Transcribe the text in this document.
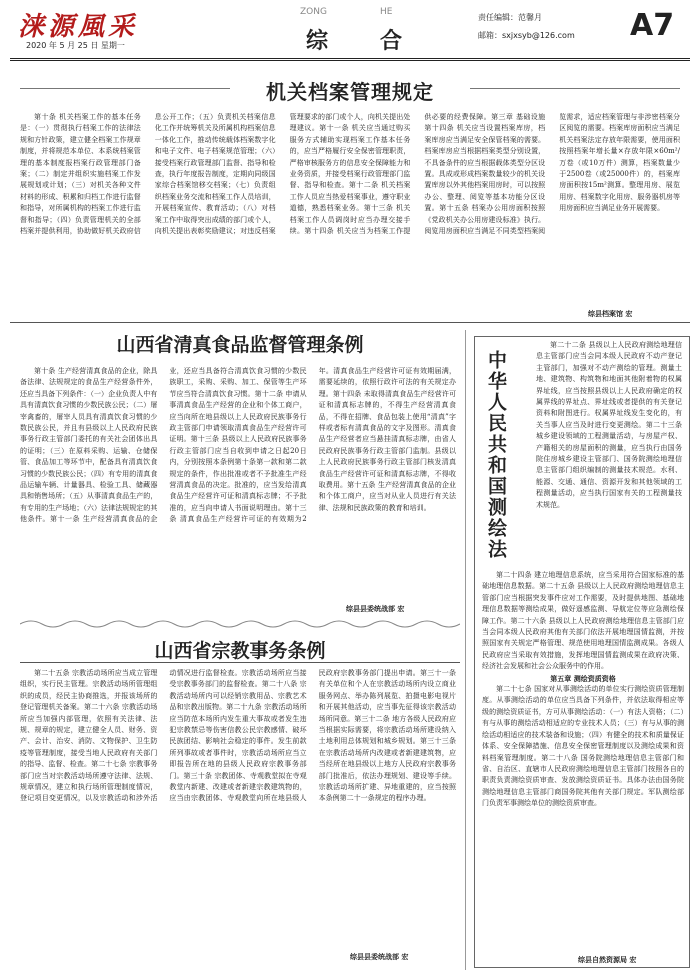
涞源風采
2020 年 5 月 25 日 星期一
ZONG	HE
综 合
责任编辑：范馨月
邮箱：sxjxsyb@126.com A7
机关档案管理规定

第十条 机关档案工作的基本任务是：（一）贯彻执行档案工作的法律法规和方针政策，建立健全档案工作规章制度，并将规范本单位、本系统档案管理的基本制度报档案行政管理部门备案；（二）制定并组织实施档案工作发展规划或计划；（三）对机关各种文件材料的形成、积累和归档工作进行监督和指导，对所属机构的档案工作进行监督和指导；（四）负责管理机关的全部档案并提供利用，协助做好机关政府信息公开工作；（五）负责机关档案信息化工作并统筹机关及所属机构档案信息一体化工作，推动传统载体档案数字化和电子文件、电子档案规范管理；（六）接受档案行政管理部门监督、指导和检查，执行年度报告制度，定期向同级国家综合档案馆移交档案；（七）负责组织档案业务交流和档案工作人员培训，开展档案宣传、教育活动；（八）对档案工作中取得突出成绩的部门或个人，向机关提出表彰奖励建议；对违反档案管理要求的部门或个人，向机关提出处理建议。第十一条 机关应当通过购买服务方式辅助实现档案工作基本任务的，应当严格履行安全保密管理职责，严格审核服务方的信息安全保障能力和业务资质，并接受档案行政管理部门监督、指导和检查。第十二条 机关档案工作人员应当热爱档案事业，遵守职业道德，熟悉档案业务。第十三条 机关档案工作人员调岗时应当办理交接手续。第十四条 机关应当为档案工作提供必要的经费保障。第三章 基础设施 第十四条 机关应当设置档案库房，档案库房应当满足安全保管档案的需要。档案库房应当根据档案类型分别设置，不具备条件的应当根据载体类型分区设置。具成或形成档案数量较少的机关设置库房以外其他档案用房时，可以按照办公、整理、阅览等基本功能分区设置。第十五条 档案办公用房面积按照《党政机关办公用房建设标准》执行。阅览用房面积应当满足不同类型档案阅览需求，适应档案管理与非涉密档案分区阅览的需要。档案库房面积应当满足机关档案法定存放年限需要，使用面积按照档案年增长量×存放年限×60m²/万卷（或10万件）测算，档案数量少于2500卷（或25000件）的，档案库房面积按15m²测算。整理用房、展览用房、档案数字化用房、服务器机房等用房面积应当满足业务开展需要。

综县档案馆 宏
山西省清真食品监督管理条例

第十条 生产经营清真食品的企业，除具备法律、法规规定的食品生产经营条件外，还应当具备下列条件：（一）企业负责人中有具有清真饮食习惯的少数民族公民；（二）屠宰禽畜的，屠宰人员具有清真饮食习惯的少数民族公民，并且有县级以上人民政府民族事务行政主管部门委托的有关社会团体出具的证明；（三）在原料采购、运输、仓储保管、食品加工等环节中，配备具有清真饮食习惯的少数民族公民；（四）有专用的清真食品运输车辆、计量器具、检验工具、储藏器具和销售场所；（五）从事清真食品生产的，有专用的生产场地；（六）法律法规规定的其他条件。第十一条 生产经营清真食品的企业，还应当具备符合清真饮食习惯的少数民族职工，采购、采购、加工、保管等生产环节应当符合清真饮食习惯。第十二条 申请从事清真食品生产经营的企业和个体工商户，应当向所在地县级以上人民政府民族事务行政主管部门申请领取清真食品生产经营许可证明。第十三条 县级以上人民政府民族事务行政主管部门应当自收到申请之日起20日内，分别按照本条例第十条第一款和第二款规定的条件，作出批准或者不予批准生产经营清真食品的决定。批准的，应当发给清真食品生产经营许可证和清真标志牌；不予批准的，应当向申请人书面说明理由。第十三条 清真食品生产经营许可证的有效期为2年。清真食品生产经营许可证有效期届满，需要延续的，依照行政许可法的有关规定办理。第十四条 未取得清真食品生产经营许可证和清真标志牌的，不得生产经营清真食品，不得在招牌、食品包装上使用“清真”字样或者标有清真食品的文字及图形。清真食品生产经营者应当悬挂清真标志牌，由省人民政府民族事务行政主管部门监制。县级以上人民政府民族事务行政主管部门核发清真食品生产经营许可证和清真标志牌，不得收取费用。第十五条 生产经营清真食品的企业和个体工商户，应当对从业人员进行有关法律、法规和民族政策的教育和培训。

综县县委统战部 宏
山西省宗教事务条例

第二十五条 宗教活动场所应当成立管理组织，实行民主管理。宗教活动场所管理组织的成员，经民主协商推选，并报该场所的登记管理机关备案。第二十六条 宗教活动场所应当加强内部管理，依照有关法律、法规、规章的规定，建立健全人员、财务、资产、会计、治安、消防、文物保护、卫生防疫等管理制度，接受当地人民政府有关部门的指导、监督、检查。第二十七条 宗教事务部门应当对宗教活动场所遵守法律、法规、规章情况，建立和执行场所管理制度情况，登记项目变更情况，以及宗教活动和涉外活动情况进行监督检查。宗教活动场所应当接受宗教事务部门的监督检查。第二十八条 宗教活动场所内可以经销宗教用品、宗教艺术品和宗教出版物。第二十九条 宗教活动场所应当防范本场所内发生重大事故或者发生违犯宗教禁忌等伤害信教公民宗教感情、破坏民族团结、影响社会稳定的事件。发生前款所列事故或者事件时，宗教活动场所应当立即报告所在地的县级人民政府宗教事务部门。第三十条 宗教团体、寺观教堂拟在寺观教堂内新建、改建或者新建宗教建筑物的，应当由宗教团体、寺观教堂向所在地县级人民政府宗教事务部门提出申请。第三十一条 有关单位和个人在宗教活动场所内设立商业服务网点、举办陈列展览、拍摄电影电视片和开展其他活动，应当事先征得该宗教活动场所同意。第三十二条 地方各级人民政府应当根据实际需要，将宗教活动场所建设纳入土地利用总体规划和城乡规划。第三十三条 在宗教活动场所内改建或者新建建筑物，应当经所在地县级以上地方人民政府宗教事务部门批准后，依法办理规划、建设等手续。宗教活动场所扩建、异地重建的，应当按照本条例第二十一条规定的程序办理。

综县县委统战部 宏
中华人民共和国测绘法

第二十二条 县级以上人民政府测绘地理信息主管部门应当会同本级人民政府不动产登记主管部门，加强对不动产测绘的管理。测量土地、建筑物、构筑物和地面其他附着物的权属界址线，应当按照县级以上人民政府确定的权属界线的界址点、界址线或者提供的有关登记资料和附图进行。权属界址线发生变化的，有关当事人应当及时进行变更测绘。第二十三条 城乡建设领域的工程测量活动，与房屋产权、产籍相关的房屋面积的测量，应当执行由国务院住房城乡建设主管部门、国务院测绘地理信息主管部门组织编制的测量技术规范。水利、能源、交通、通信、资源开发和其他领域的工程测量活动，应当执行国家有关的工程测量技术规范。

第二十四条 建立地理信息系统，应当采用符合国家标准的基础地理信息数据。第二十五条 县级以上人民政府测绘地理信息主管部门应当根据突发事件应对工作需要，及时提供地图、基础地理信息数据等测绘成果，做好遥感监测、导航定位等应急测绘保障工作。第二十六条 县级以上人民政府测绘地理信息主管部门应当会同本级人民政府其他有关部门依法开展地理国情监测，并按照国家有关规定严格管理、规范使用地理国情监测成果。各级人民政府应当采取有效措施，发挥地理国情监测成果在政府决策、经济社会发展和社会公众服务中的作用。

第五章 测绘资质资格

第二十七条 国家对从事测绘活动的单位实行测绘资质管理制度。从事测绘活动的单位应当具备下列条件，并依法取得相应等级的测绘资质证书，方可从事测绘活动：（一）有法人资格；（二）有与从事的测绘活动相适应的专业技术人员；（三）有与从事的测绘活动相适应的技术装备和设施；（四）有健全的技术和质量保证体系、安全保障措施、信息安全保密管理制度以及测绘成果和资料档案管理制度。第二十八条 国务院测绘地理信息主管部门和省、自治区、直辖市人民政府测绘地理信息主管部门按照各自的职责负责测绘资质审查、发放测绘资质证书。具体办法由国务院测绘地理信息主管部门商国务院其他有关部门规定。军队测绘部门负责军事测绘单位的测绘资质审查。

综县自然资源局 宏
